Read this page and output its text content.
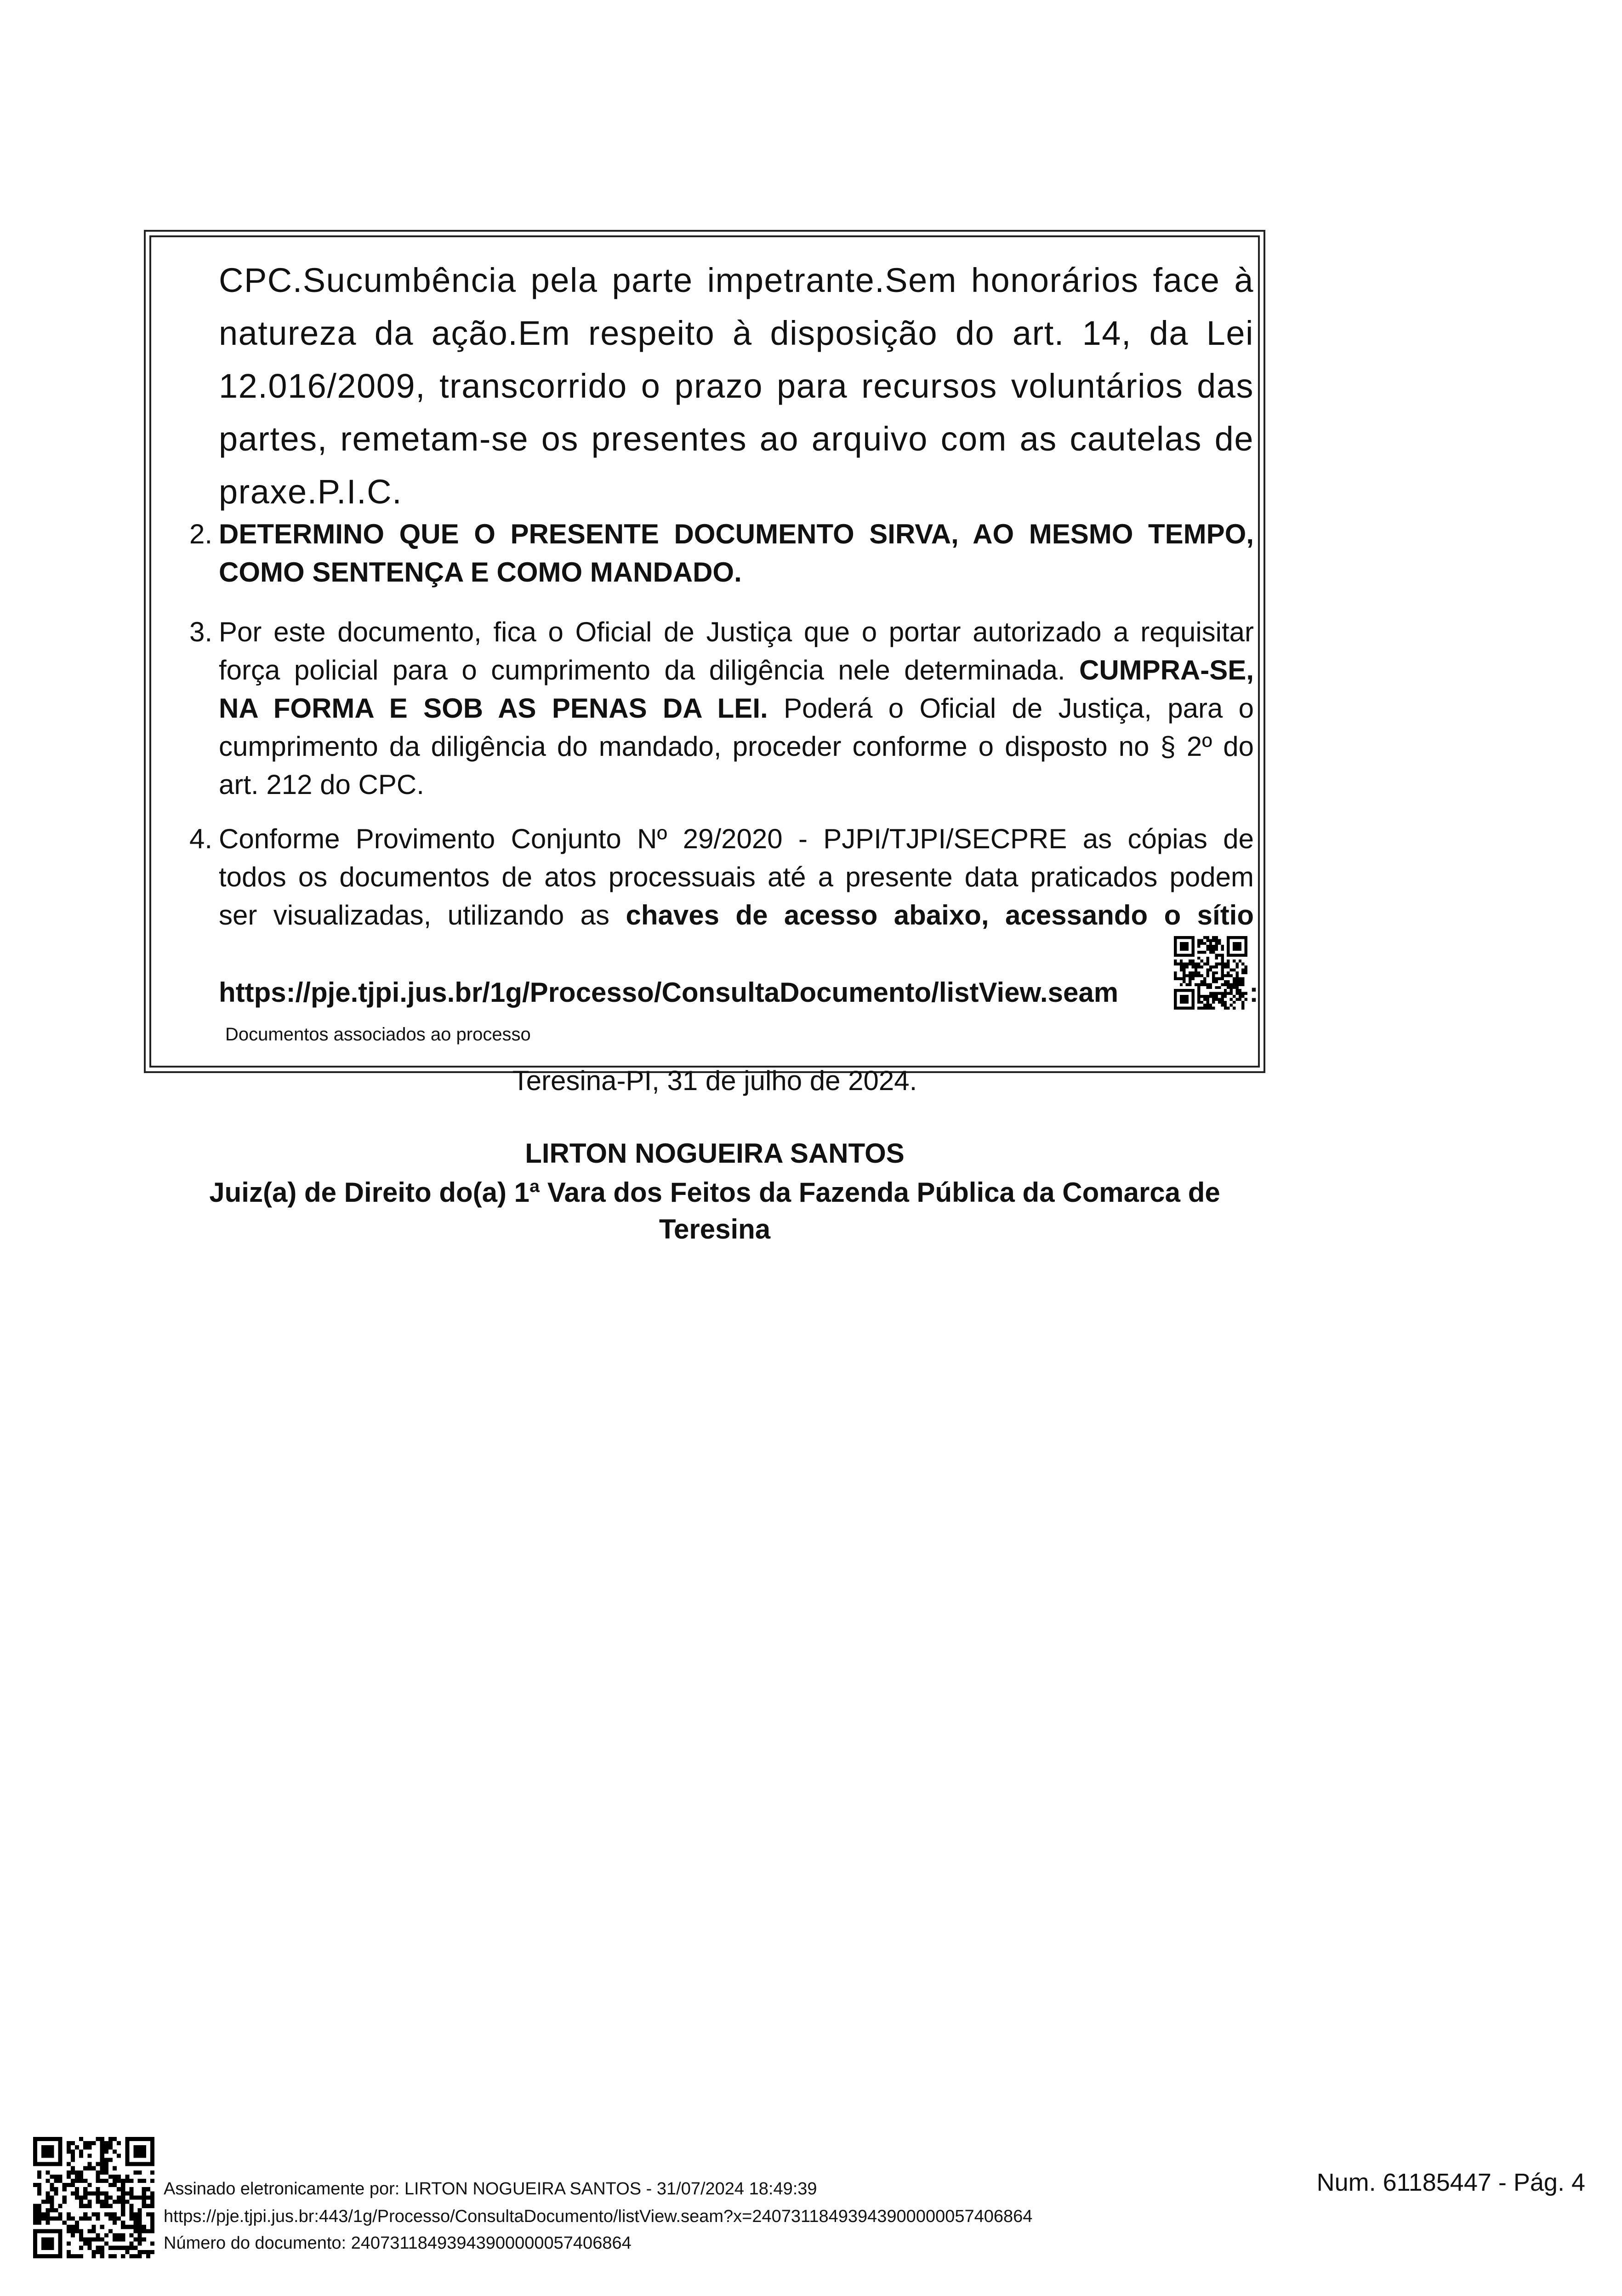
CPC.Sucumbência pela parte impetrante.Sem honorários face à
natureza da ação.Em respeito à disposição do art. 14, da Lei
12.016/2009, transcorrido o prazo para recursos voluntários das
partes, remetam-se os presentes ao arquivo com as cautelas de
praxe.P.I.C.
2. DETERMINO QUE O PRESENTE DOCUMENTO SIRVA, AO MESMO TEMPO,
COMO SENTENÇA E COMO MANDADO.
3. Por este documento, fica o Oficial de Justiça que o portar autorizado a requisitar
força policial para o cumprimento da diligência nele determinada. CUMPRA-SE,
NA FORMA E SOB AS PENAS DA LEI. Poderá o Oficial de Justiça, para o
cumprimento da diligência do mandado, proceder conforme o disposto no § 2º do
art. 212 do CPC.
4. Conforme Provimento Conjunto Nº 29/2020 - PJPI/TJPI/SECPRE as cópias de
todos os documentos de atos processuais até a presente data praticados podem
ser visualizadas, utilizando as chaves de acesso abaixo, acessando o sítio
https://pje.tjpi.jus.br/1g/Processo/ConsultaDocumento/listView.seam	:
Documentos associados ao processo
Teresina-PI, 31 de julho de 2024.
LIRTON NOGUEIRA SANTOS
Juiz(a) de Direito do(a) 1ª Vara dos Feitos da Fazenda Pública da Comarca de
Teresina
Assinado eletronicamente por: LIRTON NOGUEIRA SANTOS - 31/07/2024 18:49:39
https://pje.tjpi.jus.br:443/1g/Processo/ConsultaDocumento/listView.seam?x=24073118493943900000057406864
Número do documento: 24073118493943900000057406864
Num. 61185447 - Pág. 4
